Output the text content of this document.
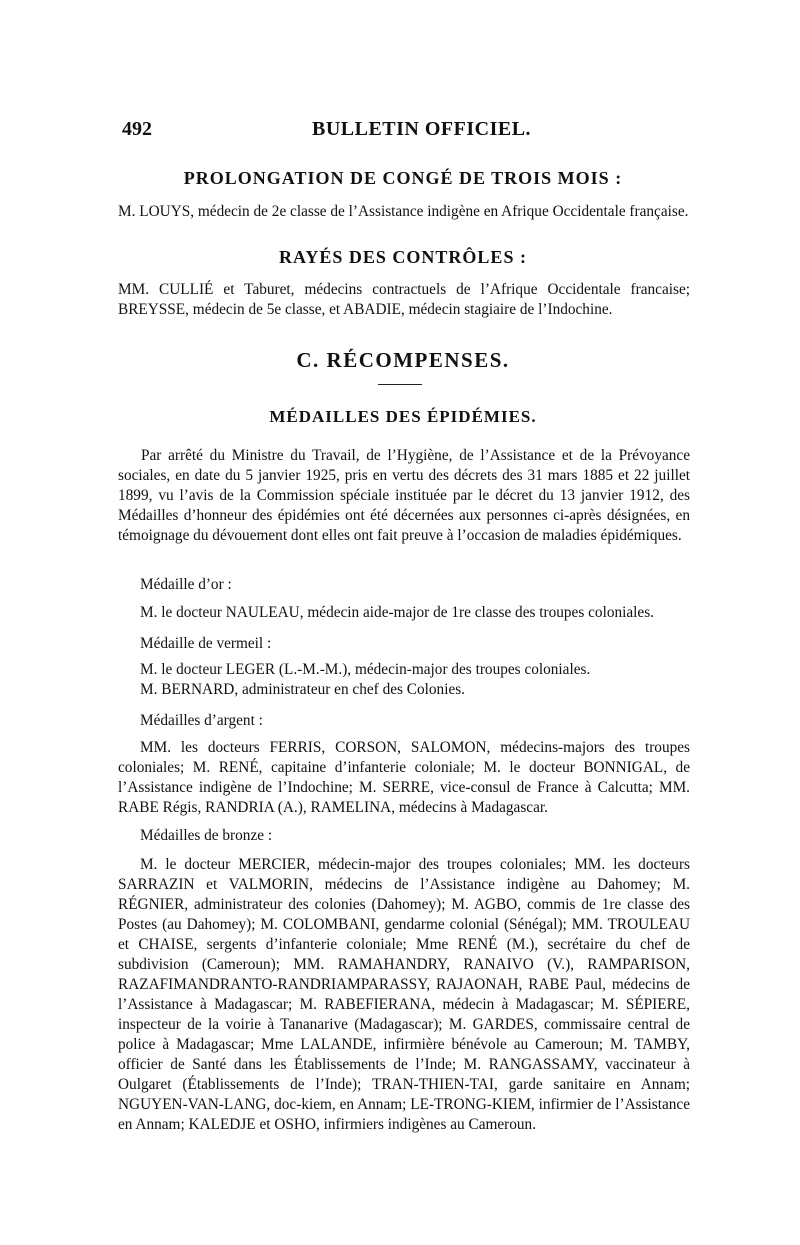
492	BULLETIN OFFICIEL.
PROLONGATION DE CONGÉ DE TROIS MOIS :
M. LOUYS, médecin de 2e classe de l’Assistance indigène en Afrique Occidentale française.
RAYÉS DES CONTRÔLES :
MM. CULLIÉ et Taburet, médecins contractuels de l’Afrique Occidentale francaise; BREYSSE, médecin de 5e classe, et ABADIE, médecin stagiaire de l’Indochine.
C. RÉCOMPENSES.
MÉDAILLES DES ÉPIDÉMIES.
Par arrêté du Ministre du Travail, de l’Hygiène, de l’Assistance et de la Prévoyance sociales, en date du 5 janvier 1925, pris en vertu des décrets des 31 mars 1885 et 22 juillet 1899, vu l’avis de la Commission spéciale instituée par le décret du 13 janvier 1912, des Médailles d’honneur des épidémies ont été décernées aux personnes ci-après désignées, en témoignage du dévouement dont elles ont fait preuve à l’occasion de maladies épidémiques.
Médaille d’or :
M. le docteur NAULEAU, médecin aide-major de 1re classe des troupes coloniales.
Médaille de vermeil :
M. le docteur LEGER (L.-M.-M.), médecin-major des troupes coloniales.
M. BERNARD, administrateur en chef des Colonies.
Médailles d’argent :
MM. les docteurs FERRIS, CORSON, SALOMON, médecins-majors des troupes coloniales; M. RENÉ, capitaine d’infanterie coloniale; M. le docteur BONNIGAL, de l’Assistance indigène de l’Indochine; M. SERRE, vice-consul de France à Calcutta; MM. RABE Régis, RANDRIA (A.), RAMELINA, médecins à Madagascar.
Médailles de bronze :
M. le docteur MERCIER, médecin-major des troupes coloniales; MM. les docteurs SARRAZIN et VALMORIN, médecins de l’Assistance indigène au Dahomey; M. RÉGNIER, administrateur des colonies (Dahomey); M. AGBO, commis de 1re classe des Postes (au Dahomey); M. COLOMBANI, gendarme colonial (Sénégal); MM. TROULEAU et CHAISE, sergents d’infanterie coloniale; Mme RENÉ (M.), secrétaire du chef de subdivision (Cameroun); MM. RAMAHANDRY, RANAIVO (V.), RAMPARISON, RAZAFIMANDRANTO-RANDRIAMPARASSY, RAJAONAH, RABE Paul, médecins de l’Assistance à Madagascar; M. RABEFIERANA, médecin à Madagascar; M. SÉPIERE, inspecteur de la voirie à Tananarive (Madagascar); M. GARDES, commissaire central de police à Madagascar; Mme LALANDE, infirmière bénévole au Cameroun; M. TAMBY, officier de Santé dans les Établissements de l’Inde; M. RANGASSAMY, vaccinateur à Oulgaret (Établissements de l’Inde); TRAN-THIEN-TAI, garde sanitaire en Annam; NGUYEN-VAN-LANG, doc-kiem, en Annam; LE-TRONG-KIEM, infirmier de l’Assistance en Annam; KALEDJE et OSHO, infirmiers indigènes au Cameroun.
